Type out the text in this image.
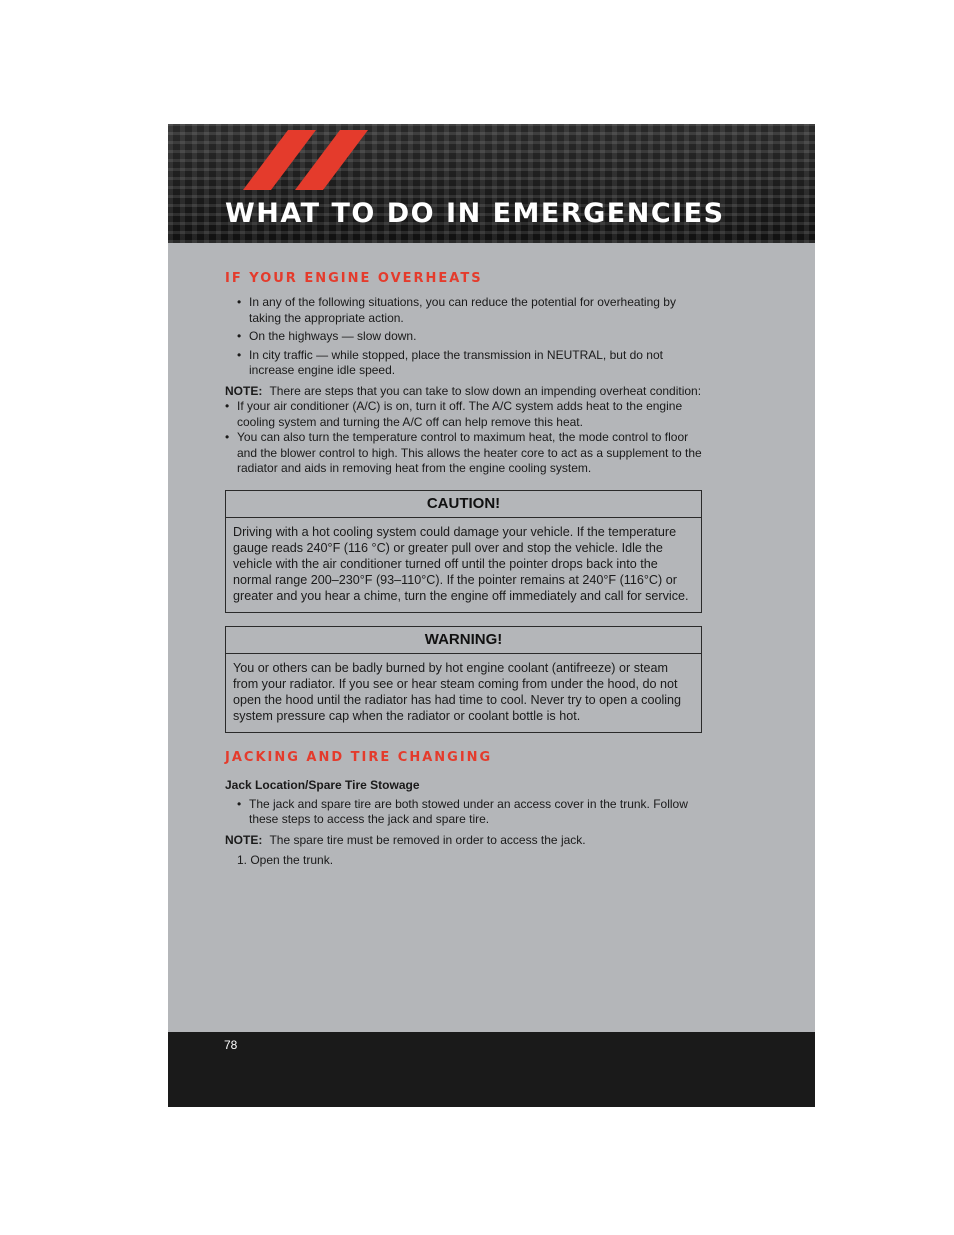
WHAT TO DO IN EMERGENCIES
IF YOUR ENGINE OVERHEATS
• In any of the following situations, you can reduce the potential for overheating by taking the appropriate action.
• On the highways — slow down.
• In city traffic — while stopped, place the transmission in NEUTRAL, but do not increase engine idle speed.
NOTE: There are steps that you can take to slow down an impending overheat condition:
• If your air conditioner (A/C) is on, turn it off. The A/C system adds heat to the engine cooling system and turning the A/C off can help remove this heat.
• You can also turn the temperature control to maximum heat, the mode control to floor and the blower control to high. This allows the heater core to act as a supplement to the radiator and aids in removing heat from the engine cooling system.
CAUTION!
Driving with a hot cooling system could damage your vehicle. If the temperature gauge reads 240°F (116 °C) or greater pull over and stop the vehicle. Idle the vehicle with the air conditioner turned off until the pointer drops back into the normal range 200–230°F (93–110°C). If the pointer remains at 240°F (116°C) or greater and you hear a chime, turn the engine off immediately and call for service.
WARNING!
You or others can be badly burned by hot engine coolant (antifreeze) or steam from your radiator. If you see or hear steam coming from under the hood, do not open the hood until the radiator has had time to cool. Never try to open a cooling system pressure cap when the radiator or coolant bottle is hot.
JACKING AND TIRE CHANGING
Jack Location/Spare Tire Stowage
• The jack and spare tire are both stowed under an access cover in the trunk. Follow these steps to access the jack and spare tire.
NOTE: The spare tire must be removed in order to access the jack.
1. Open the trunk.
78
